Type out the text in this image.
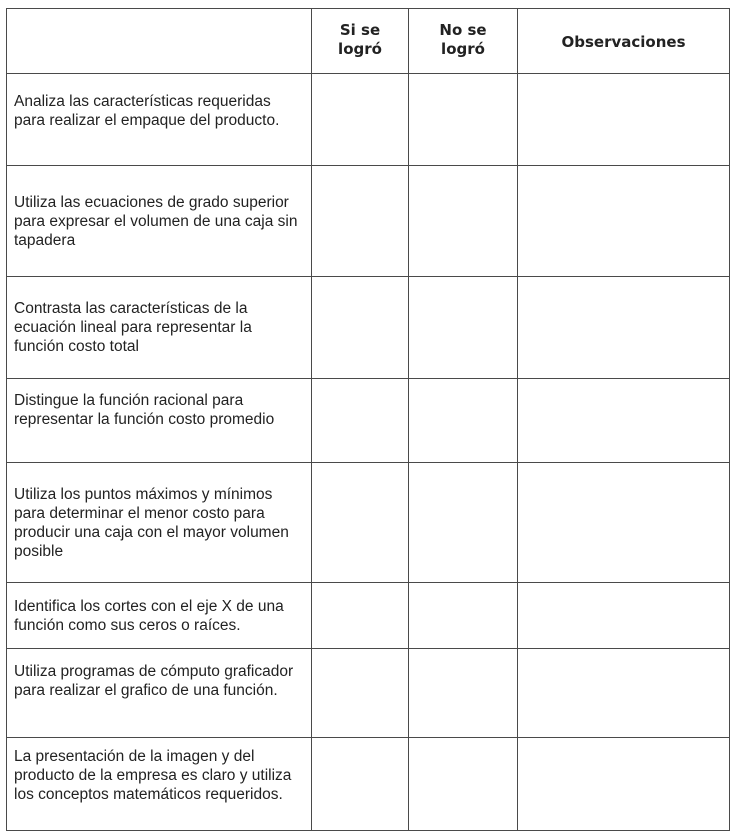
	Si se logró	No se logró	Observaciones
Analiza las características requeridas para realizar el empaque del producto.			
Utiliza las ecuaciones de grado superior para expresar el volumen de una caja sin tapadera			
Contrasta las características de la ecuación lineal para representar la función costo total			
Distingue la función racional para representar la función costo promedio			
Utiliza los puntos máximos y mínimos para determinar el menor costo para producir una caja con el mayor volumen posible			
Identifica los cortes con el eje X de una función como sus ceros o raíces.			
Utiliza programas de cómputo graficador para realizar el grafico de una función.			
La presentación de la imagen y del producto de la empresa es claro y utiliza los conceptos matemáticos requeridos.			
